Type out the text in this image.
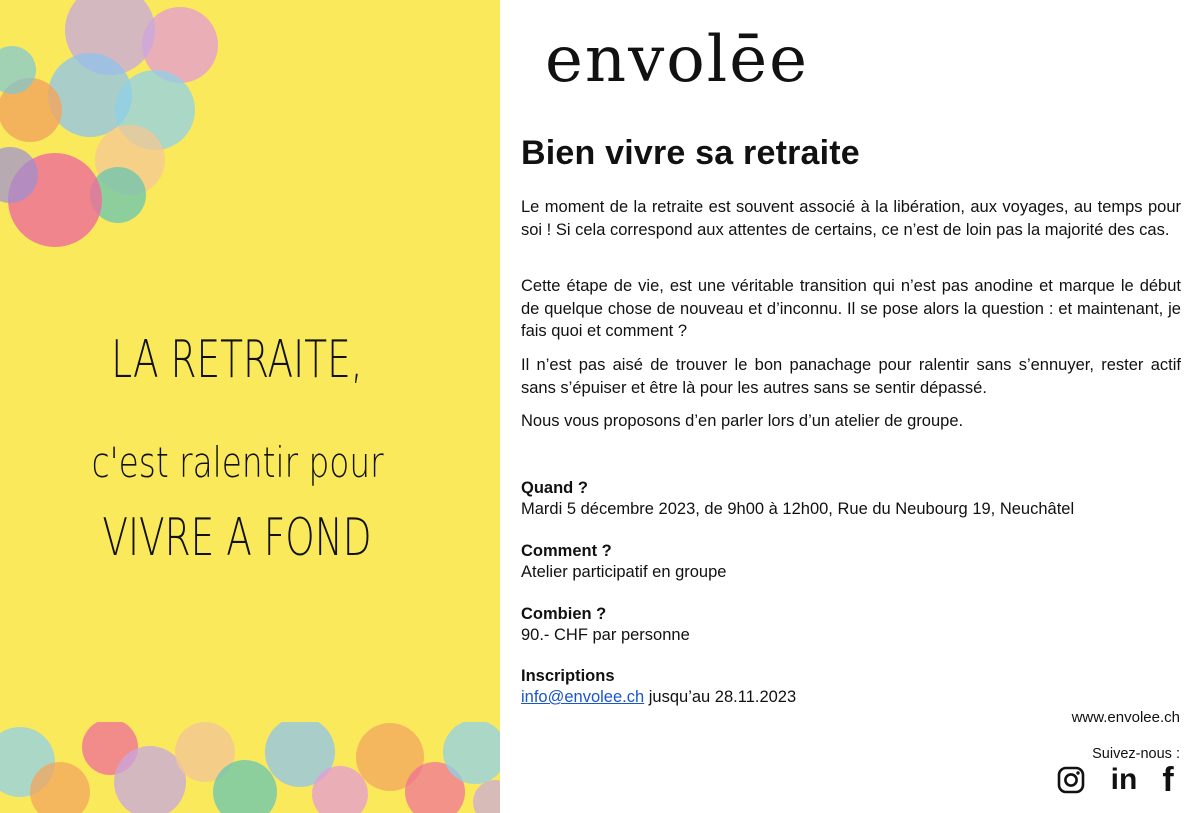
LA RETRAITE,
c'est ralentir pour
VIVRE A FOND
envolēe
Bien vivre sa retraite

Le moment de la retraite est souvent associé à la libération, aux voyages, au temps pour soi ! Si cela correspond aux attentes de certains, ce n’est de loin pas la majorité des cas.

Cette étape de vie, est une véritable transition qui n’est pas anodine et marque le début de quelque chose de nouveau et d’inconnu. Il se pose alors la question : et maintenant, je fais quoi et comment ?

Il n’est pas aisé de trouver le bon panachage pour ralentir sans s’ennuyer, rester actif sans s’épuiser et être là pour les autres sans se sentir dépassé.

Nous vous proposons d’en parler lors d’un atelier de groupe.

Quand ?

Mardi 5 décembre 2023, de 9h00 à 12h00, Rue du Neubourg 19, Neuchâtel

Comment ?

Atelier participatif en groupe

Combien ?

90.- CHF par personne

Inscriptions

info@envolee.ch jusqu’au 28.11.2023

www.envolee.ch
Suivez-nous :
in f
